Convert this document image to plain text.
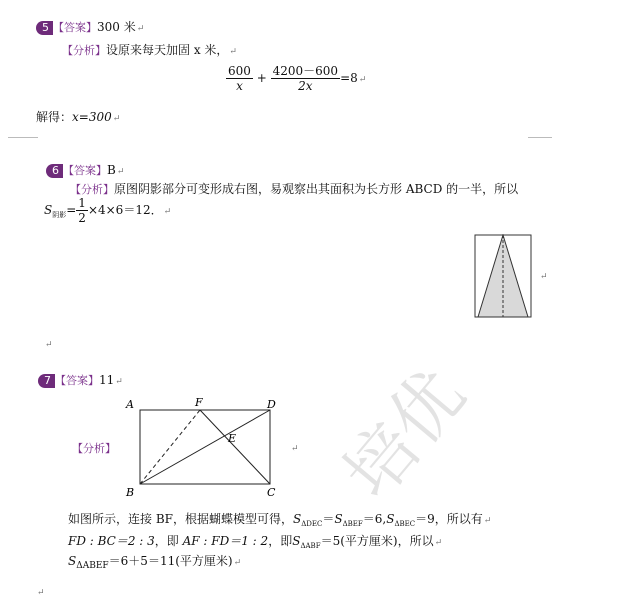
培优
5 【答案】300 米↵
【分析】设原来每天加固 x 米，↵
$\frac{600}{x} + \frac{4200-600}{2x}$ =8↵
解得：x=300↵
6 【答案】B↵
【分析】原图阴影部分可变形成右图，易观察出其面积为长方形 ABCD 的一半，所以
$S_{阴影}= \frac{1}{2} \times 4\times 6=12$．↵
↵
↵
7 【答案】11↵
【分析】
A	F	D
E
B	C
↵
如图所示，连接 BF，根据蝴蝶模型可得，$S_{\Delta DEC}=S_{\Delta BEF}=6,S_{\Delta BEC}=9$，所以有↵
FD : BC＝2 : 3，即 AF : FD＝1 : 2，即$S_{\Delta ABF}=5$(平方厘米)，所以↵
$S_{\Delta ABEF}=6+5=11$(平方厘米)↵
↵
